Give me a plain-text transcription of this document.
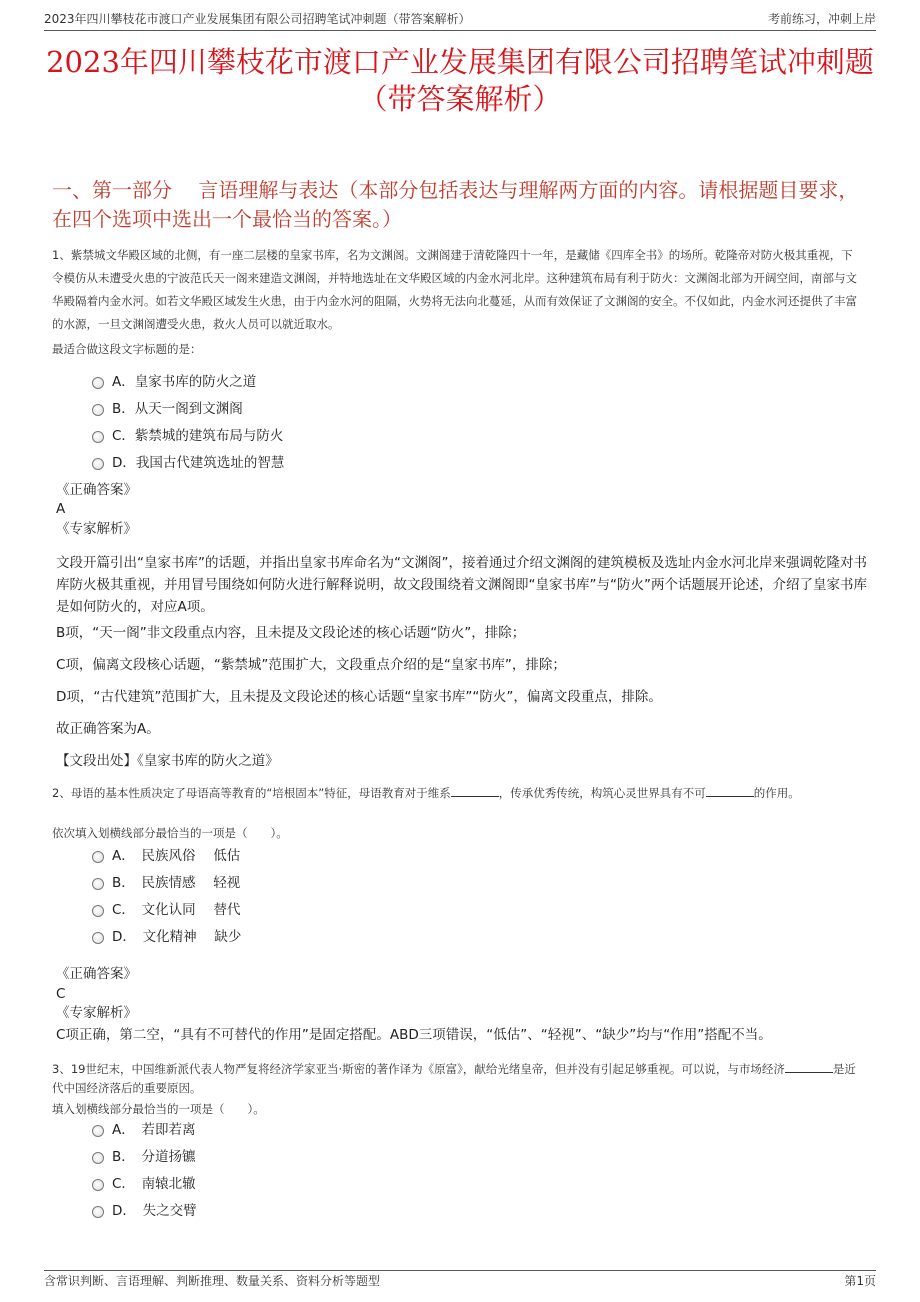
2023年四川攀枝花市渡口产业发展集团有限公司招聘笔试冲刺题（带答案解析）	考前练习，冲刺上岸
2023年四川攀枝花市渡口产业发展集团有限公司招聘笔试冲刺题（带答案解析）
一、第一部分　 言语理解与表达（本部分包括表达与理解两方面的内容。请根据题目要求，在四个选项中选出一个最恰当的答案。）
1、紫禁城文华殿区域的北侧，有一座二层楼的皇家书库，名为文渊阁。文渊阁建于清乾隆四十一年，是藏储《四库全书》的场所。乾隆帝对防火极其重视，下令模仿从未遭受火患的宁波范氏天一阁来建造文渊阁，并特地选址在文华殿区域的内金水河北岸。这种建筑布局有利于防火：文渊阁北部为开阔空间，南部与文华殿隔着内金水河。如若文华殿区域发生火患，由于内金水河的阻隔，火势将无法向北蔓延，从而有效保证了文渊阁的安全。不仅如此，内金水河还提供了丰富的水源，一旦文渊阁遭受火患，救火人员可以就近取水。
最适合做这段文字标题的是：
A．皇家书库的防火之道
B．从天一阁到文渊阁
C．紫禁城的建筑布局与防火
D．我国古代建筑选址的智慧
《正确答案》
A
《专家解析》
文段开篇引出“皇家书库”的话题，并指出皇家书库命名为“文渊阁”，接着通过介绍文渊阁的建筑模板及选址内金水河北岸来强调乾隆对书库防火极其重视，并用冒号围绕如何防火进行解释说明，故文段围绕着文渊阁即“皇家书库”与“防火”两个话题展开论述，介绍了皇家书库是如何防火的，对应A项。
B项，“天一阁”非文段重点内容，且未提及文段论述的核心话题“防火”，排除；
C项，偏离文段核心话题，“紫禁城”范围扩大，文段重点介绍的是“皇家书库”，排除；
D项，“古代建筑”范围扩大，且未提及文段论述的核心话题“皇家书库”“防火”，偏离文段重点，排除。
故正确答案为A。
【文段出处】《皇家书库的防火之道》
2、母语的基本性质决定了母语高等教育的“培根固本”特征，母语教育对于维系	，传承优秀传统，构筑心灵世界具有不可	的作用。
依次填入划横线部分最恰当的一项是（　　）。
A．　民族风俗　 低估
B．　民族情感　 轻视
C．　文化认同　 替代
D．　文化精神　 缺少
《正确答案》
C
《专家解析》
C项正确，第二空，“具有不可替代的作用”是固定搭配。ABD三项错误，“低估”、“轻视”、“缺少”均与“作用”搭配不当。
3、19世纪末，中国维新派代表人物严复将经济学家亚当·斯密的著作译为《原富》，献给光绪皇帝，但并没有引起足够重视。可以说，与市场经济	是近代中国经济落后的重要原因。
填入划横线部分最恰当的一项是（　　）。
A．　若即若离
B．　分道扬镳
C．　南辕北辙
D．　失之交臂
含常识判断、言语理解、判断推理、数量关系、资料分析等题型	第1页
